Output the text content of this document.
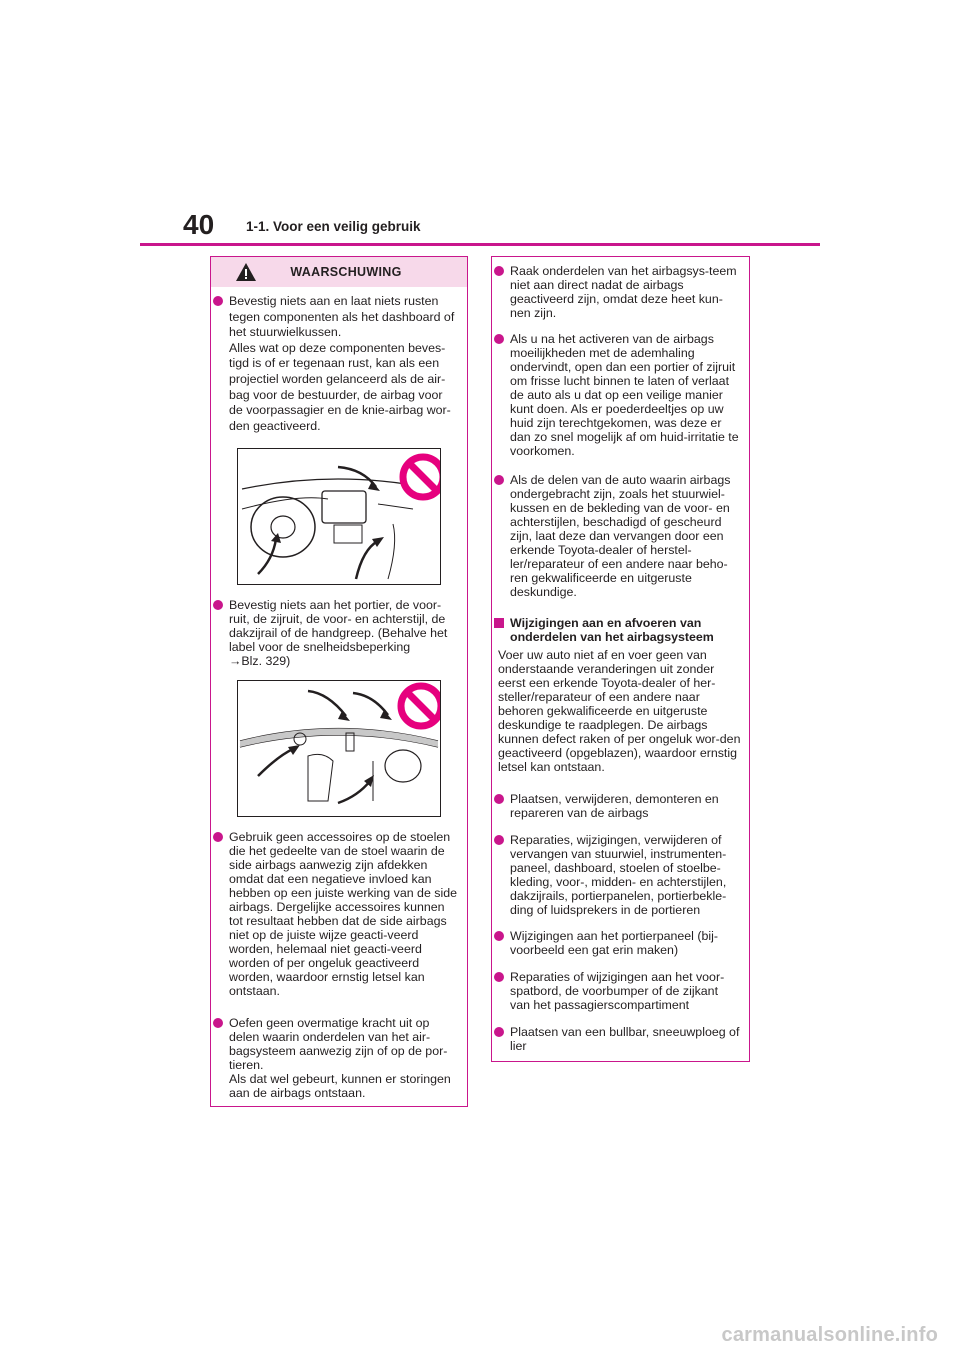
40 1-1. Voor een veilig gebruik
WAARSCHUWING
Bevestig niets aan en laat niets rusten tegen componenten als het dashboard of het stuurwielkussen.
Alles wat op deze componenten beves-tigd is of er tegenaan rust, kan als een projectiel worden gelanceerd als de air-bag voor de bestuurder, de airbag voor de voorpassagier en de knie-airbag wor-den geactiveerd.
Bevestig niets aan het portier, de voor-ruit, de zijruit, de voor- en achterstijl, de dakzijrail of de handgreep. (Behalve het label voor de snelheidsbeperking
→Blz. 329)
Gebruik geen accessoires op de stoelen die het gedeelte van de stoel waarin de side airbags aanwezig zijn afdekken omdat dat een negatieve invloed kan hebben op een juiste werking van de side airbags. Dergelijke accessoires kunnen tot resultaat hebben dat de side airbags niet op de juiste wijze geacti-veerd worden, helemaal niet geacti-veerd worden of per ongeluk geactiveerd worden, waardoor ernstig letsel kan ontstaan.
Oefen geen overmatige kracht uit op delen waarin onderdelen van het air-bagsysteem aanwezig zijn of op de por-tieren.
Als dat wel gebeurt, kunnen er storingen aan de airbags ontstaan.
Raak onderdelen van het airbagsys-teem niet aan direct nadat de airbags geactiveerd zijn, omdat deze heet kun-nen zijn.
Als u na het activeren van de airbags moeilijkheden met de ademhaling ondervindt, open dan een portier of zijruit om frisse lucht binnen te laten of verlaat de auto als u dat op een veilige manier kunt doen. Als er poederdeeltjes op uw huid zijn terechtgekomen, was deze er dan zo snel mogelijk af om huid-irritatie te voorkomen.
Als de delen van de auto waarin airbags ondergebracht zijn, zoals het stuurwiel-kussen en de bekleding van de voor- en achterstijlen, beschadigd of gescheurd zijn, laat deze dan vervangen door een erkende Toyota-dealer of herstel-ler/reparateur of een andere naar beho-ren gekwalificeerde en uitgeruste deskundige.
Wijzigingen aan en afvoeren van onderdelen van het airbagsysteem
Voer uw auto niet af en voer geen van onderstaande veranderingen uit zonder eerst een erkende Toyota-dealer of her-steller/reparateur of een andere naar behoren gekwalificeerde en uitgeruste deskundige te raadplegen. De airbags kunnen defect raken of per ongeluk wor-den geactiveerd (opgeblazen), waardoor ernstig letsel kan ontstaan.
Plaatsen, verwijderen, demonteren en repareren van de airbags
Reparaties, wijzigingen, verwijderen of vervangen van stuurwiel, instrumenten-paneel, dashboard, stoelen of stoelbe-kleding, voor-, midden- en achterstijlen, dakzijrails, portierpanelen, portierbekle-ding of luidsprekers in de portieren
Wijzigingen aan het portierpaneel (bij-voorbeeld een gat erin maken)
Reparaties of wijzigingen aan het voor-spatbord, de voorbumper of de zijkant van het passagierscompartiment
Plaatsen van een bullbar, sneeuwploeg of lier
carmanualsonline.info
